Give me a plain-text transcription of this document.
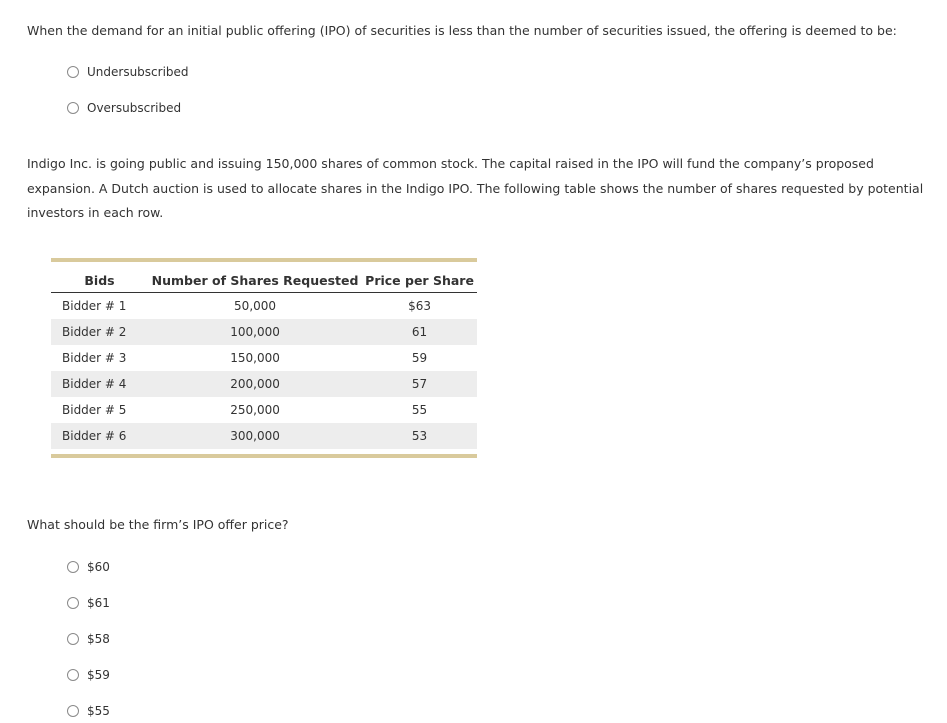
When the demand for an initial public offering (IPO) of securities is less than the number of securities issued, the offering is deemed to be:
Undersubscribed
Oversubscribed
Indigo Inc. is going public and issuing 150,000 shares of common stock. The capital raised in the IPO will fund the company’s proposed expansion. A Dutch auction is used to allocate shares in the Indigo IPO. The following table shows the number of shares requested by potential investors in each row.
Bids	Number of Shares Requested	Price per Share
Bidder # 1	50,000	$63
Bidder # 2	100,000	61
Bidder # 3	150,000	59
Bidder # 4	200,000	57
Bidder # 5	250,000	55
Bidder # 6	300,000	53
What should be the firm’s IPO offer price?
$60
$61
$58
$59
$55
